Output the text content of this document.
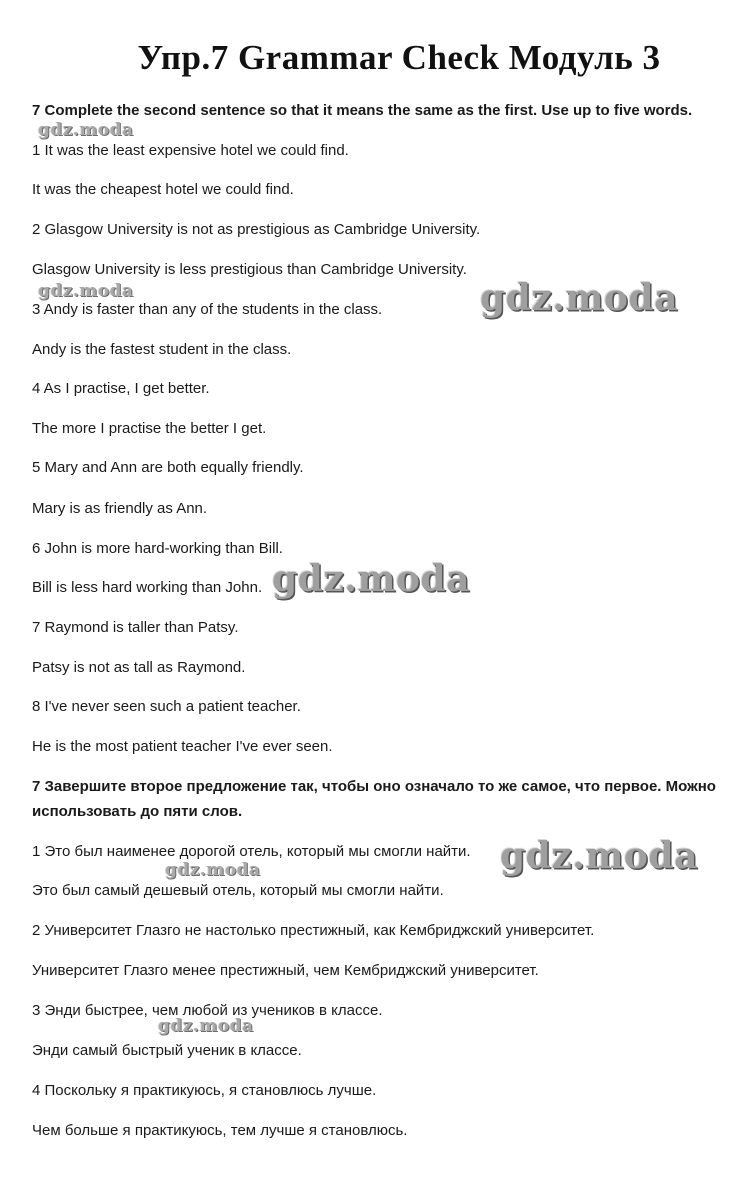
Упр.7 Grammar Check Модуль 3
7 Complete the second sentence so that it means the same as the first. Use up to five words.
1 It was the least expensive hotel we could find.
It was the cheapest hotel we could find.
2 Glasgow University is not as prestigious as Cambridge University.
Glasgow University is less prestigious than Cambridge University.
3 Andy is faster than any of the students in the class.
Andy is the fastest student in the class.
4 As I practise, I get better.
The more I practise the better I get.
5 Mary and Ann are both equally friendly.
Mary is as friendly as Ann.
6 John is more hard-working than Bill.
Bill is less hard working than John.
7 Raymond is taller than Patsy.
Patsy is not as tall as Raymond.
8 I've never seen such a patient teacher.
He is the most patient teacher I've ever seen.
7 Завершите второе предложение так, чтобы оно означало то же самое, что первое. Можно
использовать до пяти слов.
1 Это был наименее дорогой отель, который мы смогли найти.
Это был самый дешевый отель, который мы смогли найти.
2 Университет Глазго не настолько престижный, как Кембриджский университет.
Университет Глазго менее престижный, чем Кембриджский университет.
3 Энди быстрее, чем любой из учеников в классе.
Энди самый быстрый ученик в классе.
4 Поскольку я практикуюсь, я становлюсь лучше.
Чем больше я практикуюсь, тем лучше я становлюсь.
gdz.moda
gdz.moda	gdz.moda
gdz.moda
gdz.moda
gdz.moda
gdz.moda
